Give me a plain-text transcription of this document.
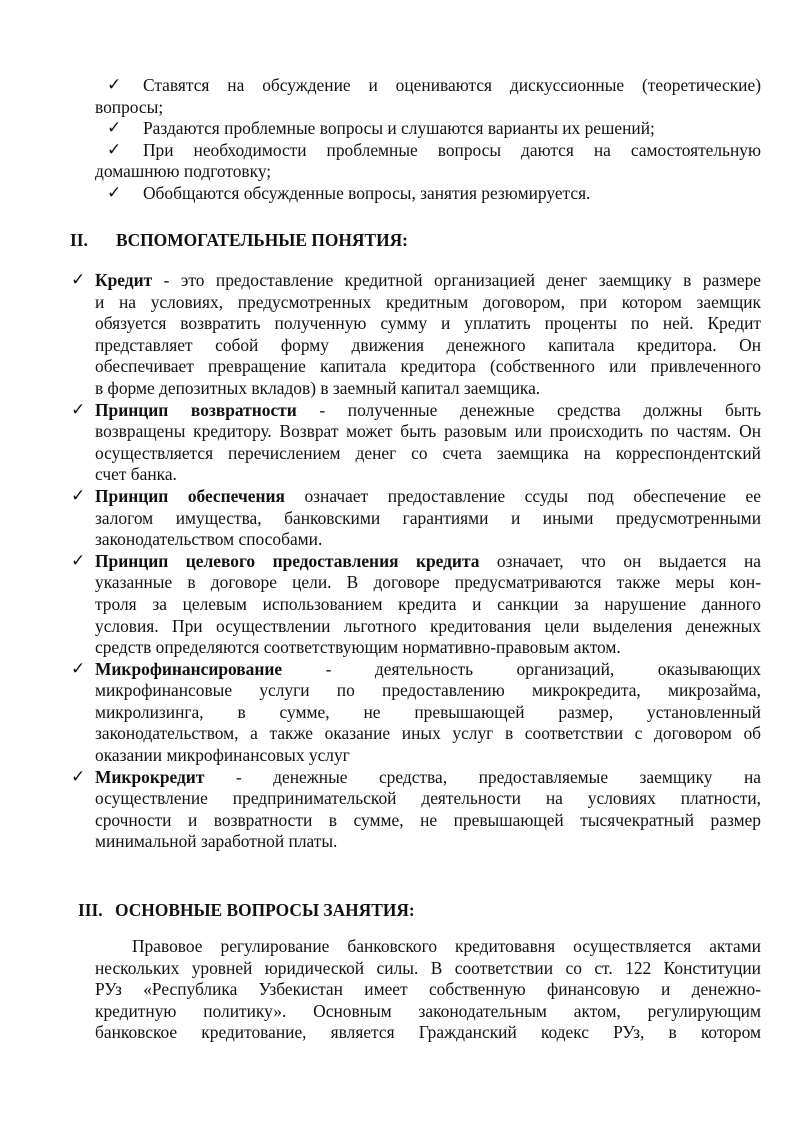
✓	Ставятся на обсуждение и оцениваются дискуссионные (теоретические)
вопросы;
✓	Раздаются проблемные вопросы и слушаются варианты их решений;
✓	При необходимости проблемные вопросы даются на самостоятельную
домашнюю подготовку;
✓	Обобщаются обсужденные вопросы, занятия резюмируется.
II. ВСПОМОГАТЕЛЬНЫЕ ПОНЯТИЯ:
✓ Кредит - это предоставление кредитной организацией денег заемщику в размере
и на условиях, предусмотренных кредитным договором, при котором заемщик
обязуется возвратить полученную сумму и уплатить проценты по ней. Кредит
представляет собой форму движения денежного капитала кредитора. Он
обеспечивает превращение капитала кредитора (собственного или привлеченного
в форме депозитных вкладов) в заемный капитал заемщика.
✓ Принцип возвратности - полученные денежные средства должны быть
возвращены кредитору. Возврат может быть разовым или происходить по частям. Он
осуществляется перечислением денег со счета заемщика на корреспондентский
счет банка.
✓ Принцип обеспечения означает предоставление ссуды под обеспечение ее
залогом имущества, банковскими гарантиями и иными предусмотренными
законодательством способами.
✓ Принцип целевого предоставления кредита означает, что он выдается на
указанные в договоре цели. В договоре предусматриваются также меры кон-
троля за целевым использованием кредита и санкции за нарушение данного
условия. При осуществлении льготного кредитования цели выделения денежных
средств определяются соответствующим нормативно-правовым актом.
✓ Микрофинансирование - деятельность организаций, оказывающих
микрофинансовые услуги по предоставлению микрокредита, микрозайма,
микролизинга, в сумме, не превышающей размер, установленный
законодательством, а также оказание иных услуг в соответствии с договором об
оказании микрофинансовых услуг
✓ Микрокредит - денежные средства, предоставляемые заемщику на
осуществление предпринимательской деятельности на условиях платности,
срочности и возвратности в сумме, не превышающей тысячекратный размер
минимальной заработной платы.
III. ОСНОВНЫЕ ВОПРОСЫ ЗАНЯТИЯ:
Правовое регулирование банковского кредитовавня осуществляется актами
нескольких уровней юридической силы. В соответствии со ст. 122 Конституции
РУз «Республика Узбекистан имеет собственную финансовую и денежно-
кредитную политику». Основным законодательным актом, регулирующим
банковское кредитование, является Гражданский кодекс РУз, в котором
